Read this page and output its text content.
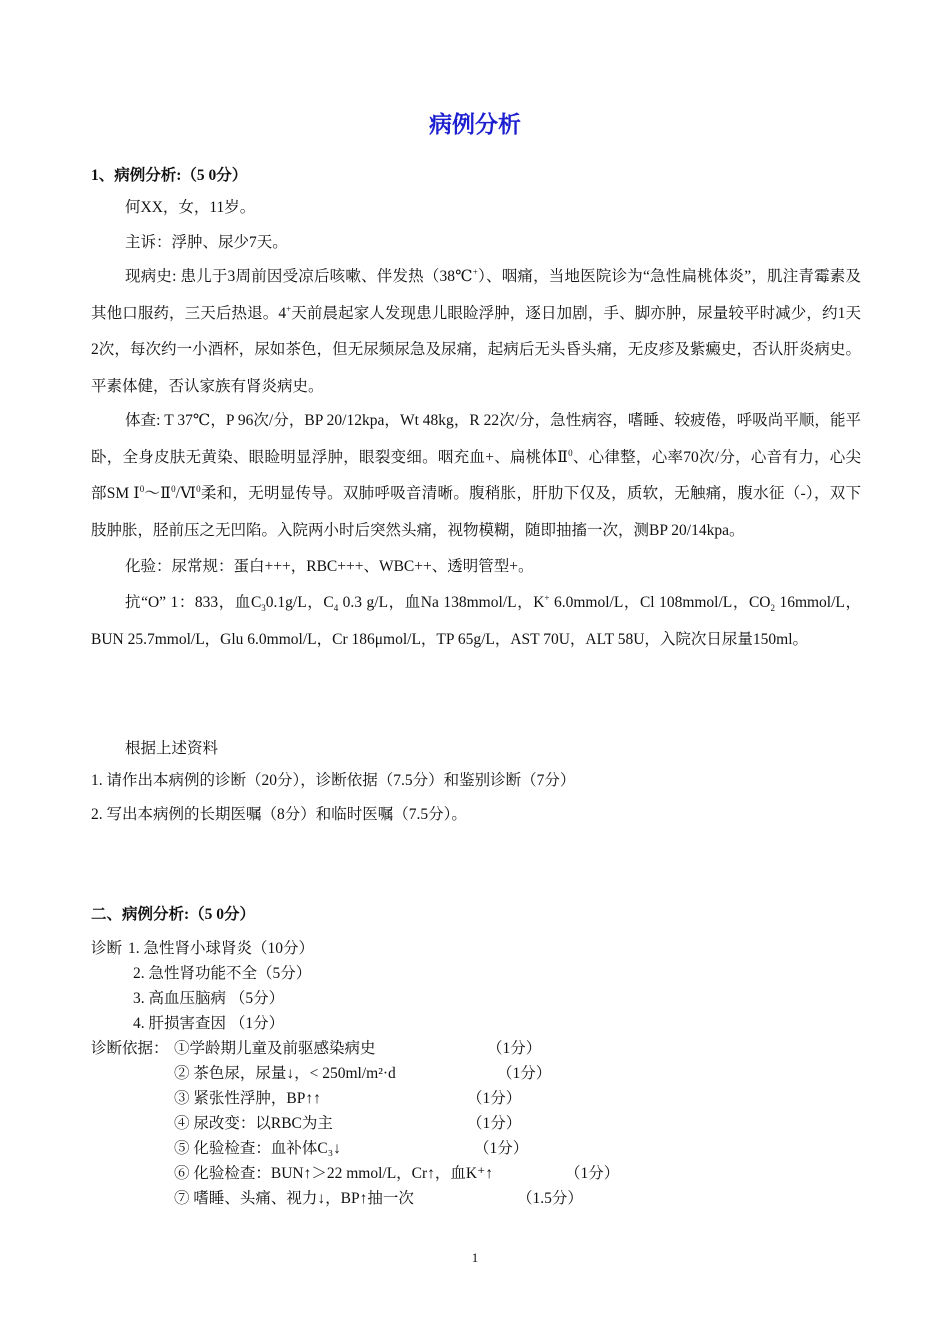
病例分析
1、病例分析:（5 0分）
何XX，女，11岁。
主诉：浮肿、尿少7天。
现病史: 患儿于3周前因受凉后咳嗽、伴发热（38℃+）、咽痛，当地医院诊为“急性扁桃体炎”，肌注青霉素及其他口服药，三天后热退。4+天前晨起家人发现患儿眼睑浮肿，逐日加剧，手、脚亦肿，尿量较平时减少，约1天2次，每次约一小酒杯，尿如茶色，但无尿频尿急及尿痛，起病后无头昏头痛，无皮疹及紫癜史，否认肝炎病史。平素体健，否认家族有肾炎病史。
体查: T 37℃，P 96次/分，BP 20/12kpa，Wt 48kg，R 22次/分，急性病容，嗜睡、较疲倦，呼吸尚平顺，能平卧，全身皮肤无黄染、眼睑明显浮肿，眼裂变细。咽充血+、扁桃体Ⅱ$^0$、心律整，心率70次/分，心音有力，心尖部SM Ⅰ$^0$～Ⅱ$^0$/Ⅵ$^0$柔和，无明显传导。双肺呼吸音清晰。腹稍胀，肝肋下仅及，质软，无触痛，腹水征（-），双下肢肿胀，胫前压之无凹陷。入院两小时后突然头痛，视物模糊，随即抽搐一次，测BP 20/14kpa。
化验：尿常规：蛋白+++，RBC+++、WBC++、透明管型+。
抗“O” 1：833，血$C_30.1g/L$，$C_4$ 0.3 g/L，血Na 138mmol/L，K+ 6.0mmol/L，Cl 108mmol/L，$CO_2$ 16mmol/L，BUN 25.7mmol/L，Glu 6.0mmol/L，Cr 186μmol/L，TP 65g/L，AST 70U，ALT 58U，入院次日尿量150ml。
根据上述资料
1. 请作出本病例的诊断（20分），诊断依据（7.5分）和鉴别诊断（7分）
2. 写出本病例的长期医嘱（8分）和临时医嘱（7.5分）。
二、病例分析:（5 0分）
诊断 1. 急性肾小球肾炎（10分）
2. 急性肾功能不全（5分）
3. 高血压脑病 （5分）
4. 肝损害查因 （1分）
诊断依据： ①学龄期儿童及前驱感染病史	（1分）
② 茶色尿，尿量↓，< 250ml/m²·d	（1分）
③ 紧张性浮肿，BP↑↑	（1分）
④ 尿改变：以RBC为主	（1分）
⑤ 化验检查：血补体C₃↓	（1分）
⑥ 化验检查：BUN↑＞22 mmol/L，Cr↑，血K⁺↑	（1分）
⑦ 嗜睡、头痛、视力↓，BP↑抽一次	（1.5分）
1
